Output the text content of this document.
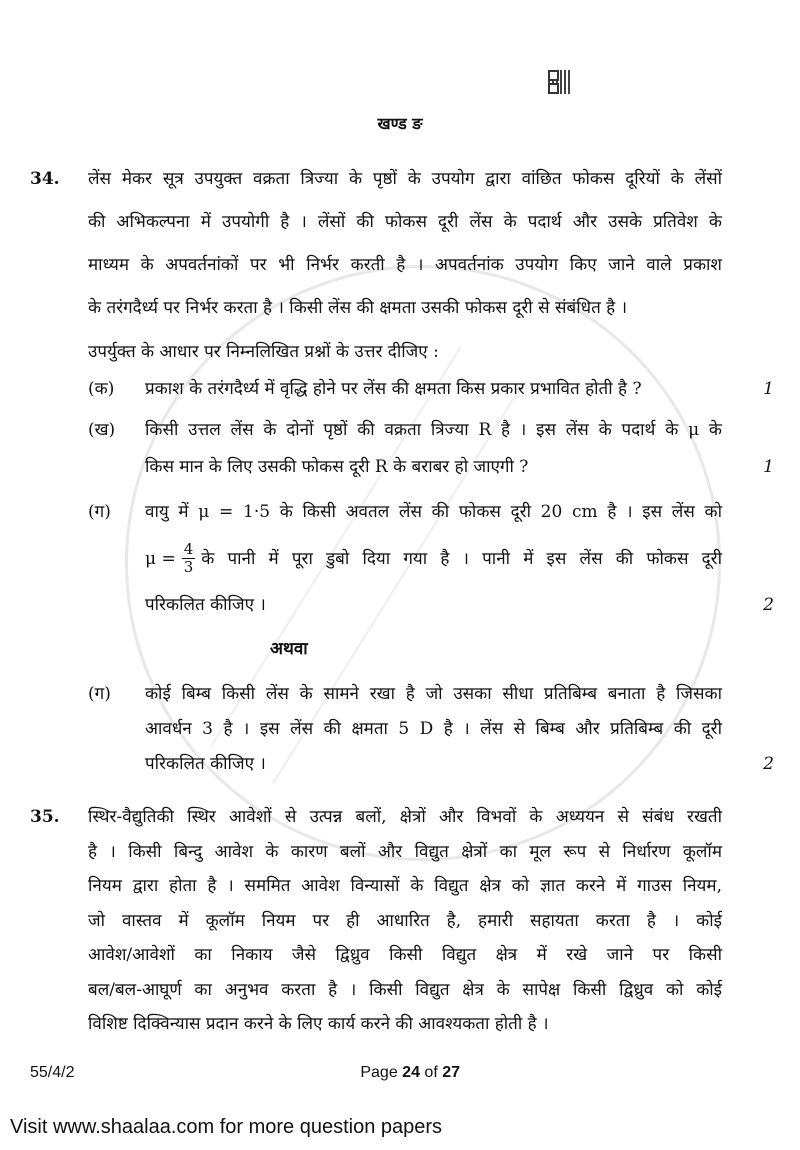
खण्ड ङ
34.	लेंस मेकर सूत्र उपयुक्त वक्रता त्रिज्या के पृष्ठों के उपयोग द्वारा वांछित फोकस दूरियों के लेंसों
की अभिकल्पना में उपयोगी है । लेंसों की फोकस दूरी लेंस के पदार्थ और उसके प्रतिवेश के
माध्यम के अपवर्तनांकों पर भी निर्भर करती है । अपवर्तनांक उपयोग किए जाने वाले प्रकाश
के तरंगदैर्ध्य पर निर्भर करता है । किसी लेंस की क्षमता उसकी फोकस दूरी से संबंधित है ।
उपर्युक्त के आधार पर निम्नलिखित प्रश्नों के उत्तर दीजिए :
(क)	प्रकाश के तरंगदैर्ध्य में वृद्धि होने पर लेंस की क्षमता किस प्रकार प्रभावित होती है ?	1
(ख)	किसी उत्तल लेंस के दोनों पृष्ठों की वक्रता त्रिज्या R है । इस लेंस के पदार्थ के μ के
किस मान के लिए उसकी फोकस दूरी R के बराबर हो जाएगी ?	1
(ग)	वायु में μ = 1·5 के किसी अवतल लेंस की फोकस दूरी 20 cm है । इस लेंस को
$\mu = \frac{4}{3}$ के पानी में पूरा डुबो दिया गया है । पानी में इस लेंस की फोकस दूरी
परिकलित कीजिए ।	2
अथवा
(ग)	कोई बिम्ब किसी लेंस के सामने रखा है जो उसका सीधा प्रतिबिम्ब बनाता है जिसका
आवर्धन 3 है । इस लेंस की क्षमता 5 D है । लेंस से बिम्ब और प्रतिबिम्ब की दूरी
परिकलित कीजिए ।	2
35.	स्थिर-वैद्युतिकी स्थिर आवेशों से उत्पन्न बलों, क्षेत्रों और विभवों के अध्ययन से संबंध रखती
है । किसी बिन्दु आवेश के कारण बलों और विद्युत क्षेत्रों का मूल रूप से निर्धारण कूलॉम
नियम द्वारा होता है । सममित आवेश विन्यासों के विद्युत क्षेत्र को ज्ञात करने में गाउस नियम,
जो वास्तव में कूलॉम नियम पर ही आधारित है, हमारी सहायता करता है । कोई
आवेश/आवेशों का निकाय जैसे द्विध्रुव किसी विद्युत क्षेत्र में रखे जाने पर किसी
बल/बल-आघूर्ण का अनुभव करता है । किसी विद्युत क्षेत्र के सापेक्ष किसी द्विध्रुव को कोई
विशिष्ट दिक्विन्यास प्रदान करने के लिए कार्य करने की आवश्यकता होती है ।
55/4/2	Page 24 of 27
Visit www.shaalaa.com for more question papers
